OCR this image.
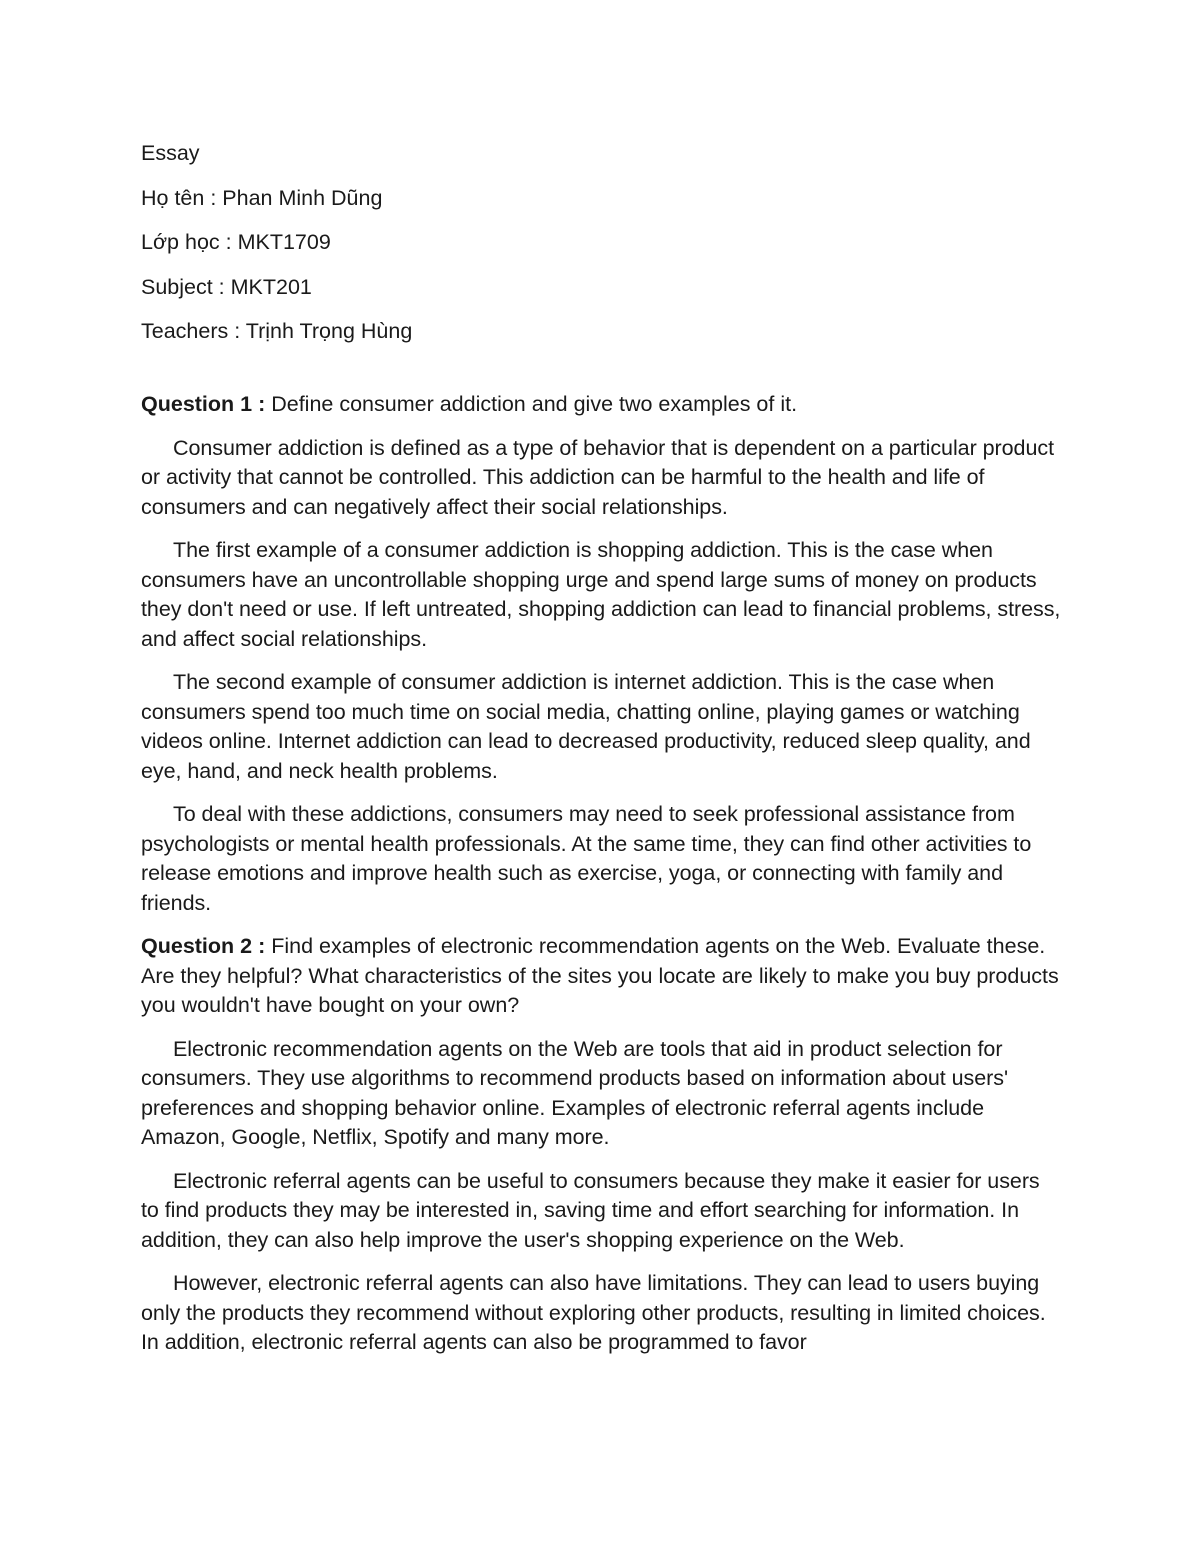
Essay
Họ tên : Phan Minh Dũng
Lớp học : MKT1709
Subject : MKT201
Teachers : Trịnh Trọng Hùng

Question 1 : Define consumer addiction and give two examples of it.

Consumer addiction is defined as a type of behavior that is dependent on a particular product or activity that cannot be controlled. This addiction can be harmful to the health and life of consumers and can negatively affect their social relationships.

The first example of a consumer addiction is shopping addiction. This is the case when consumers have an uncontrollable shopping urge and spend large sums of money on products they don't need or use. If left untreated, shopping addiction can lead to financial problems, stress, and affect social relationships.

The second example of consumer addiction is internet addiction. This is the case when consumers spend too much time on social media, chatting online, playing games or watching videos online. Internet addiction can lead to decreased productivity, reduced sleep quality, and eye, hand, and neck health problems.

To deal with these addictions, consumers may need to seek professional assistance from psychologists or mental health professionals. At the same time, they can find other activities to release emotions and improve health such as exercise, yoga, or connecting with family and friends.

Question 2 : Find examples of electronic recommendation agents on the Web. Evaluate these. Are they helpful? What characteristics of the sites you locate are likely to make you buy products you wouldn't have bought on your own?

Electronic recommendation agents on the Web are tools that aid in product selection for consumers. They use algorithms to recommend products based on information about users' preferences and shopping behavior online. Examples of electronic referral agents include Amazon, Google, Netflix, Spotify and many more.

Electronic referral agents can be useful to consumers because they make it easier for users to find products they may be interested in, saving time and effort searching for information. In addition, they can also help improve the user's shopping experience on the Web.

However, electronic referral agents can also have limitations. They can lead to users buying only the products they recommend without exploring other products, resulting in limited choices. In addition, electronic referral agents can also be programmed to favor
